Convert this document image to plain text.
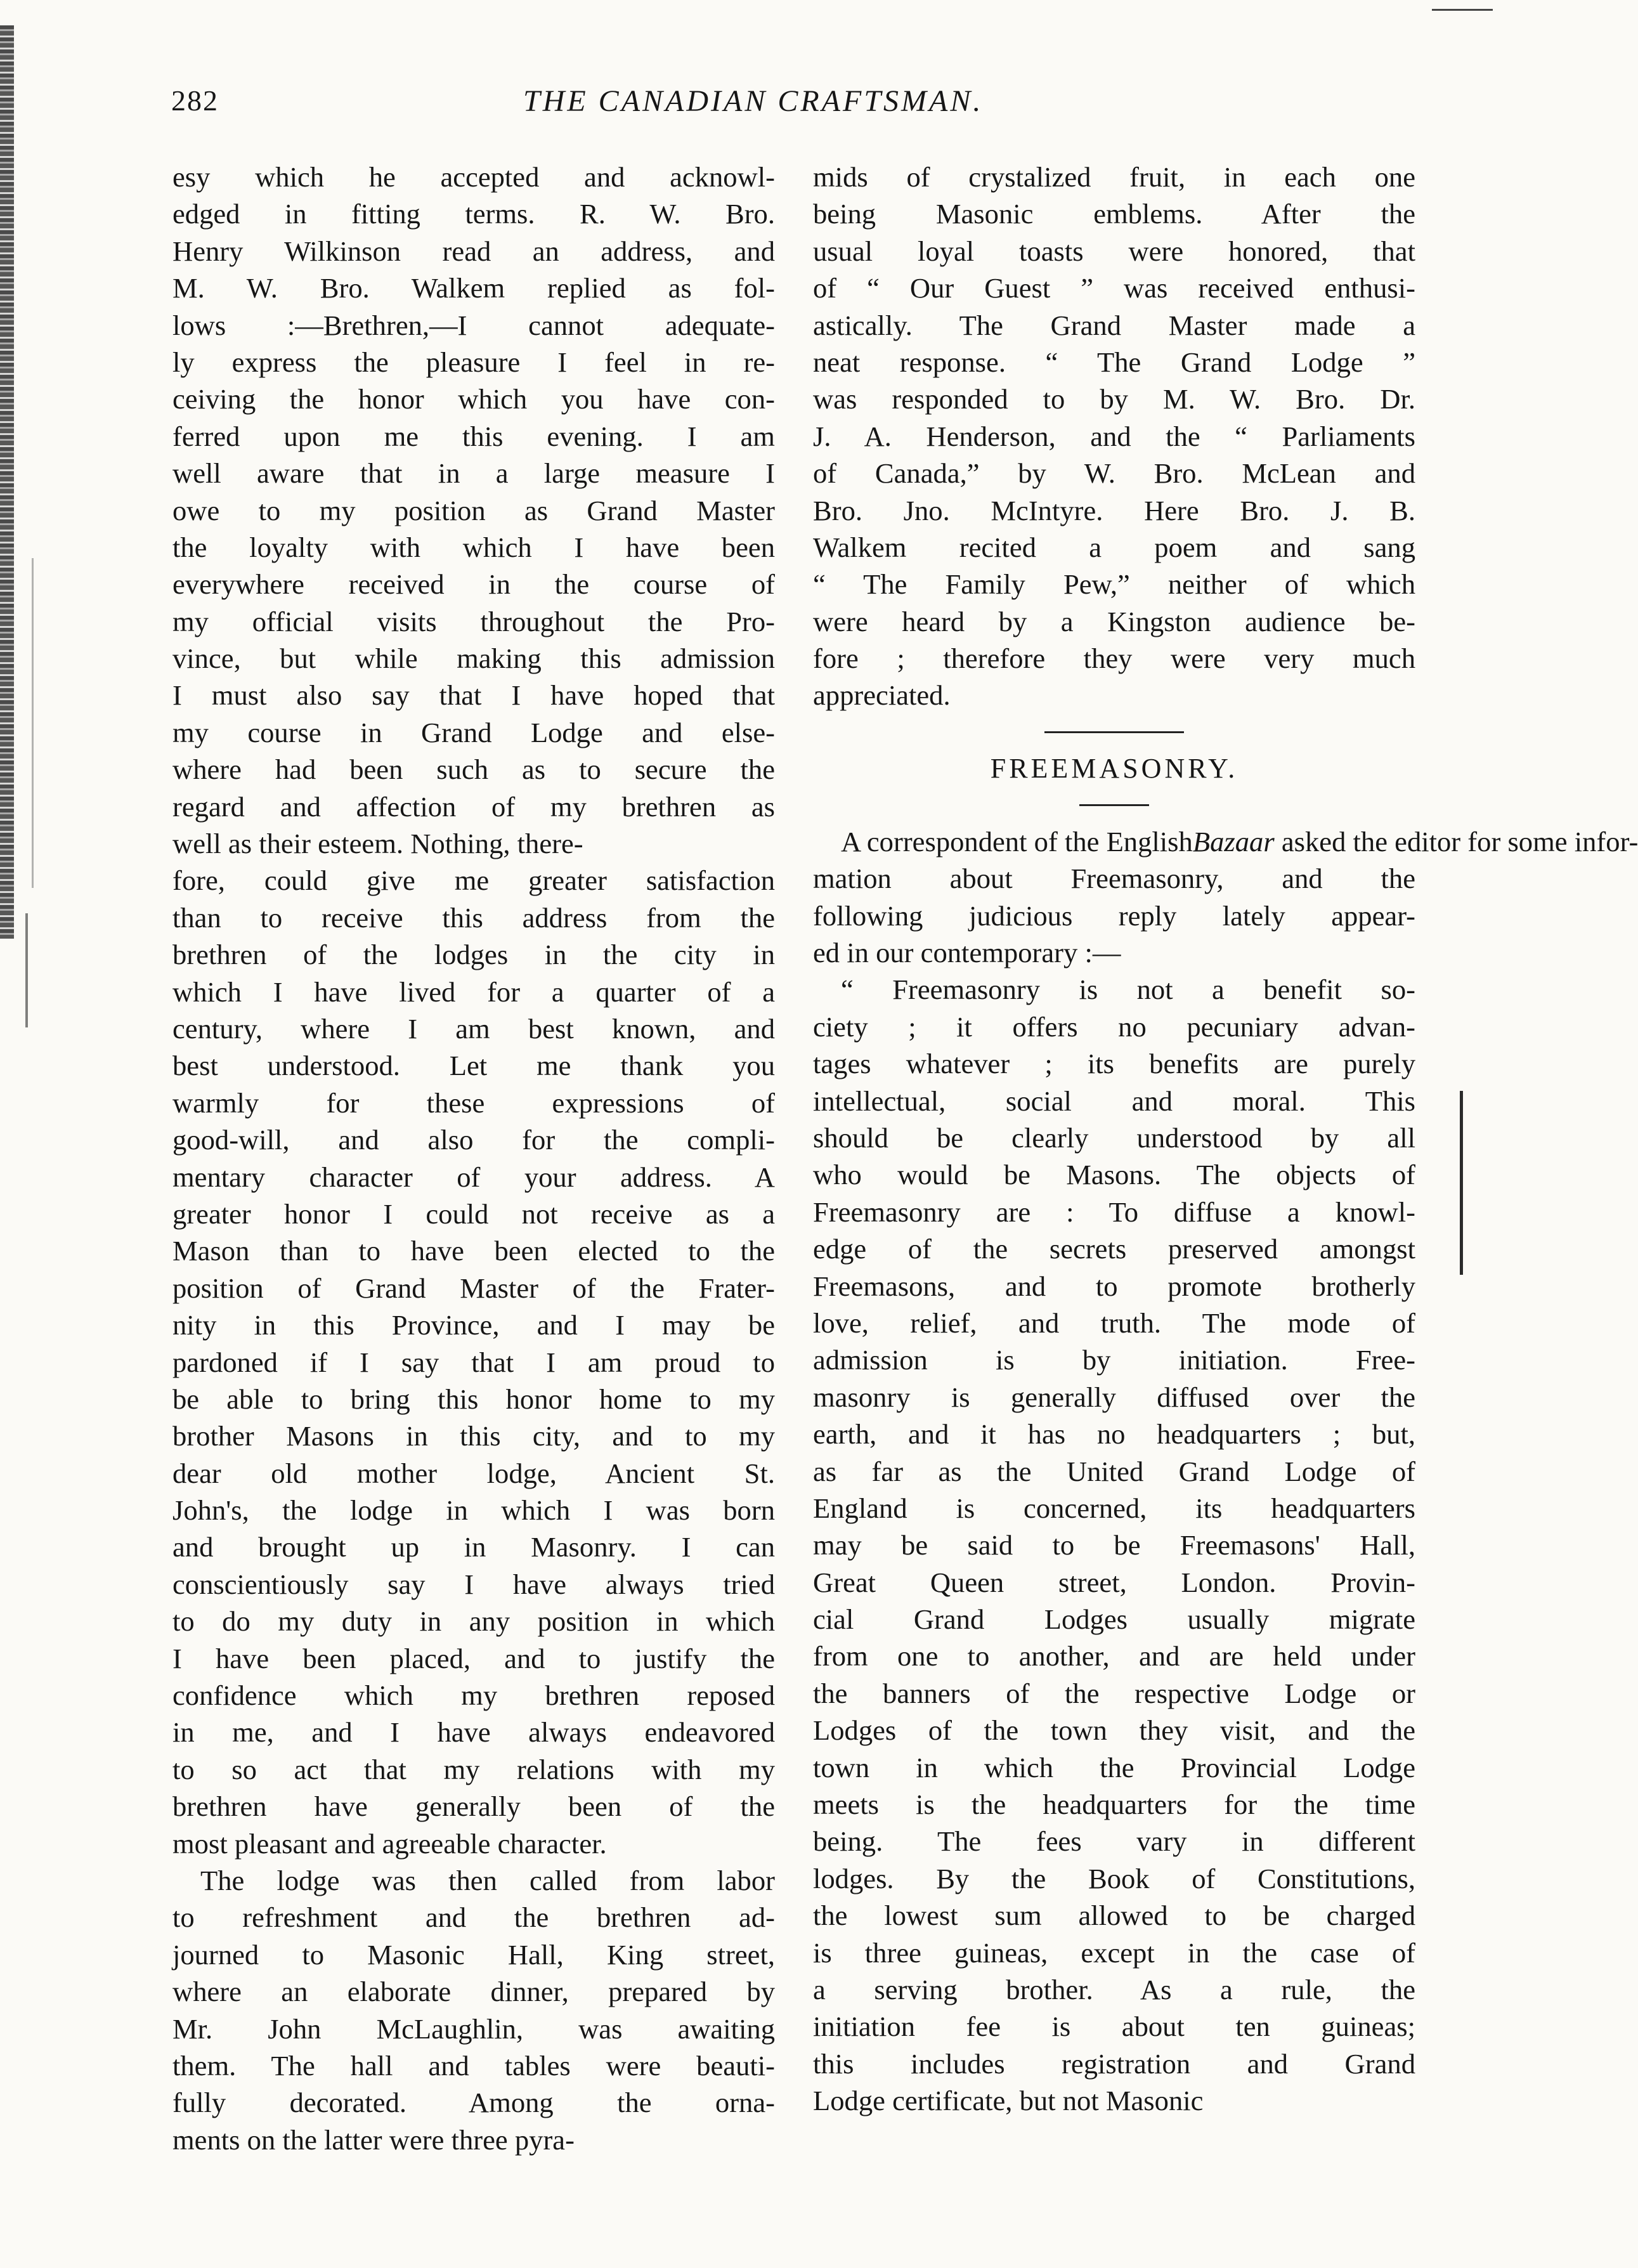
282	THE CANADIAN CRAFTSMAN.
esy which he accepted and acknowl-
edged in fitting terms. R. W. Bro.
Henry Wilkinson read an address, and
M. W. Bro. Walkem replied as fol-
lows :—Brethren,—I cannot adequate-
ly express the pleasure I feel in re-
ceiving the honor which you have con-
ferred upon me this evening. I am
well aware that in a large measure I
owe to my position as Grand Master
the loyalty with which I have been
everywhere received in the course of
my official visits throughout the Pro-
vince, but while making this admission
I must also say that I have hoped that
my course in Grand Lodge and else-
where had been such as to secure the
regard and affection of my brethren as
well as their esteem. Nothing, there-
fore, could give me greater satisfaction
than to receive this address from the
brethren of the lodges in the city in
which I have lived for a quarter of a
century, where I am best known, and
best understood. Let me thank you
warmly for these expressions of
good-will, and also for the compli-
mentary character of your address. A
greater honor I could not receive as a
Mason than to have been elected to the
position of Grand Master of the Frater-
nity in this Province, and I may be
pardoned if I say that I am proud to
be able to bring this honor home to my
brother Masons in this city, and to my
dear old mother lodge, Ancient St.
John's, the lodge in which I was born
and brought up in Masonry. I can
conscientiously say I have always tried
to do my duty in any position in which
I have been placed, and to justify the
confidence which my brethren reposed
in me, and I have always endeavored
to so act that my relations with my
brethren have generally been of the
most pleasant and agreeable character.
The lodge was then called from labor
to refreshment and the brethren ad-
journed to Masonic Hall, King street,
where an elaborate dinner, prepared by
Mr. John McLaughlin, was awaiting
them. The hall and tables were beauti-
fully decorated. Among the orna-
ments on the latter were three pyra-
mids of crystalized fruit, in each one
being Masonic emblems. After the
usual loyal toasts were honored, that
of “ Our Guest ” was received enthusi-
astically. The Grand Master made a
neat response. “ The Grand Lodge ”
was responded to by M. W. Bro. Dr.
J. A. Henderson, and the “ Parliaments
of Canada,” by W. Bro. McLean and
Bro. Jno. McIntyre. Here Bro. J. B.
Walkem recited a poem and sang
“ The Family Pew,” neither of which
were heard by a Kingston audience be-
fore ; therefore they were very much
appreciated.
FREEMASONRY.
A correspondent of the EnglishBazaar asked the editor for some infor-
mation about Freemasonry, and the
following judicious reply lately appear-
ed in our contemporary :—
“ Freemasonry is not a benefit so-
ciety ; it offers no pecuniary advan-
tages whatever ; its benefits are purely
intellectual, social and moral. This
should be clearly understood by all
who would be Masons. The objects of
Freemasonry are : To diffuse a knowl-
edge of the secrets preserved amongst
Freemasons, and to promote brotherly
love, relief, and truth. The mode of
admission is by initiation. Free-
masonry is generally diffused over the
earth, and it has no headquarters ; but,
as far as the United Grand Lodge of
England is concerned, its headquarters
may be said to be Freemasons' Hall,
Great Queen street, London. Provin-
cial Grand Lodges usually migrate
from one to another, and are held under
the banners of the respective Lodge or
Lodges of the town they visit, and the
town in which the Provincial Lodge
meets is the headquarters for the time
being. The fees vary in different
lodges. By the Book of Constitutions,
the lowest sum allowed to be charged
is three guineas, except in the case of
a serving brother. As a rule, the
initiation fee is about ten guineas;
this includes registration and Grand
Lodge certificate, but not Masonic
